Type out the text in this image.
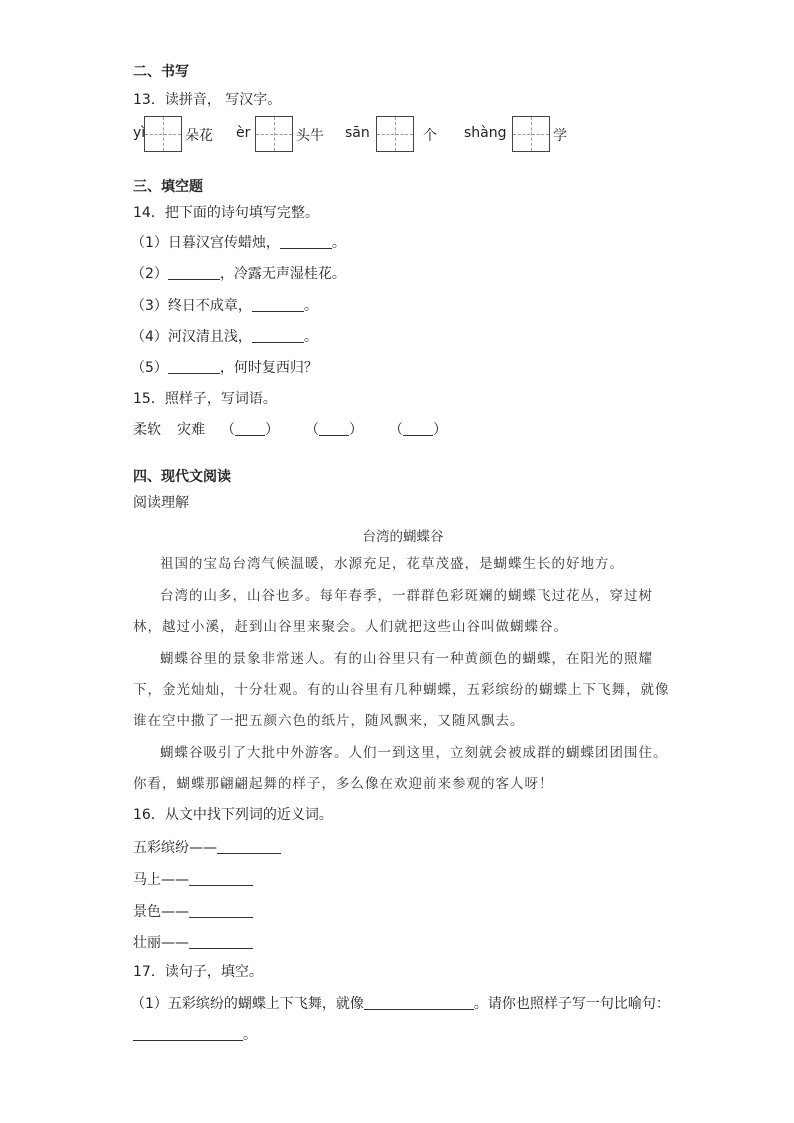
二、书写
13．读拼音， 写汉字。
yì	朵花 èr	头牛 sān	个 shàng	学
三、填空题
14．把下面的诗句填写完整。
（1）日暮汉宫传蜡烛，	。
（2）	，冷露无声湿桂花。
（3）终日不成章，	。
（4）河汉清且浅，	。
（5）	，何时复西归？
15．照样子，写词语。
柔软 灾难 （ ） （ ） （ ）
四、现代文阅读
阅读理解
台湾的蝴蝶谷
祖国的宝岛台湾气候温暖，水源充足，花草茂盛，是蝴蝶生长的好地方。
台湾的山多，山谷也多。每年春季，一群群色彩斑斓的蝴蝶飞过花丛，穿过树林，越过小溪，赶到山谷里来聚会。人们就把这些山谷叫做蝴蝶谷。
蝴蝶谷里的景象非常迷人。有的山谷里只有一种黄颜色的蝴蝶，在阳光的照耀下，金光灿灿，十分壮观。有的山谷里有几种蝴蝶，五彩缤纷的蝴蝶上下飞舞，就像谁在空中撒了一把五颜六色的纸片，随风飘来，又随风飘去。
蝴蝶谷吸引了大批中外游客。人们一到这里，立刻就会被成群的蝴蝶团团围住。你看，蝴蝶那翩翩起舞的样子，多么像在欢迎前来参观的客人呀！
16．从文中找下列词的近义词。
五彩缤纷——
马上——
景色——
壮丽——
17．读句子，填空。
（1）五彩缤纷的蝴蝶上下飞舞，就像	。请你也照样子写一句比喻句：
。
